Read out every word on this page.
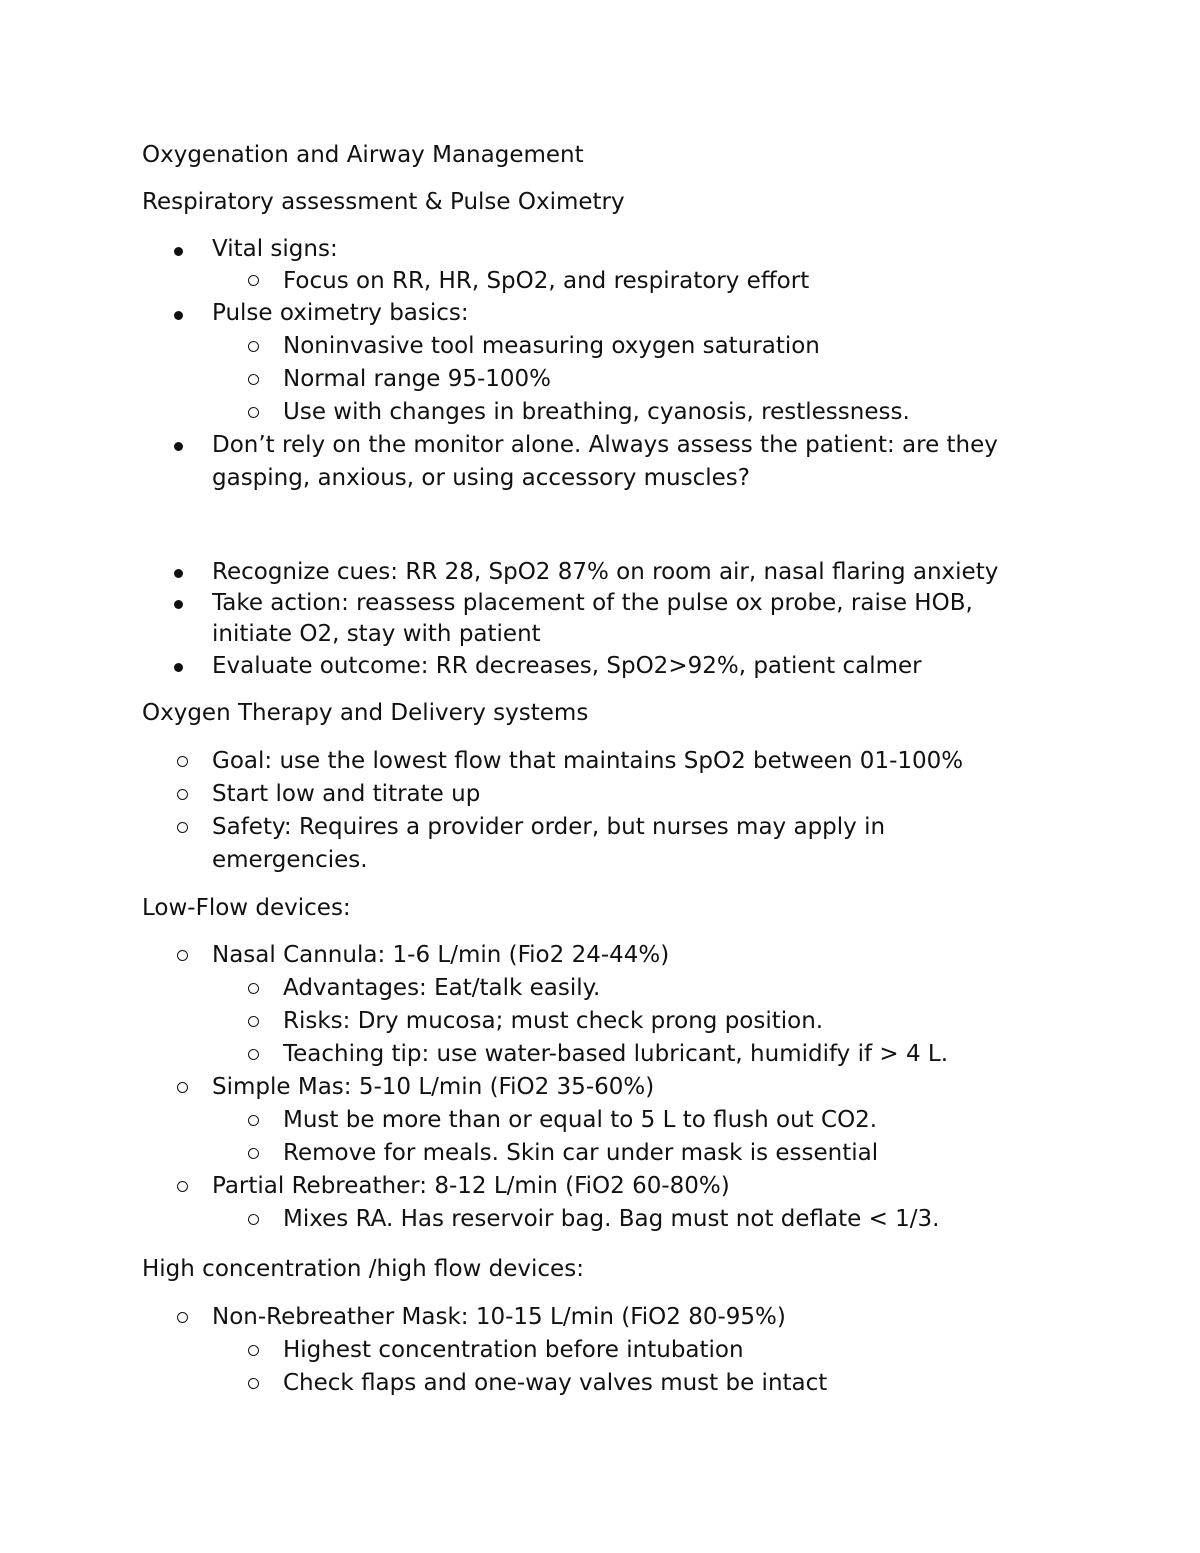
Oxygenation and Airway Management
Respiratory assessment & Pulse Oximetry
Vital signs:
Focus on RR, HR, SpO2, and respiratory effort
Pulse oximetry basics:
Noninvasive tool measuring oxygen saturation
Normal range 95-100%
Use with changes in breathing, cyanosis, restlessness.
Don’t rely on the monitor alone. Always assess the patient: are they
gasping, anxious, or using accessory muscles?
Recognize cues: RR 28, SpO2 87% on room air, nasal flaring anxiety
Take action: reassess placement of the pulse ox probe, raise HOB,
initiate O2, stay with patient
Evaluate outcome: RR decreases, SpO2>92%, patient calmer
Oxygen Therapy and Delivery systems
Goal: use the lowest flow that maintains SpO2 between 01-100%
Start low and titrate up
Safety: Requires a provider order, but nurses may apply in
emergencies.
Low-Flow devices:
Nasal Cannula: 1-6 L/min (Fio2 24-44%)
Advantages: Eat/talk easily.
Risks: Dry mucosa; must check prong position.
Teaching tip: use water-based lubricant, humidify if > 4 L.
Simple Mas: 5-10 L/min (FiO2 35-60%)
Must be more than or equal to 5 L to flush out CO2.
Remove for meals. Skin car under mask is essential
Partial Rebreather: 8-12 L/min (FiO2 60-80%)
Mixes RA. Has reservoir bag. Bag must not deflate < 1/3.
High concentration /high flow devices:
Non-Rebreather Mask: 10-15 L/min (FiO2 80-95%)
Highest concentration before intubation
Check flaps and one-way valves must be intact
